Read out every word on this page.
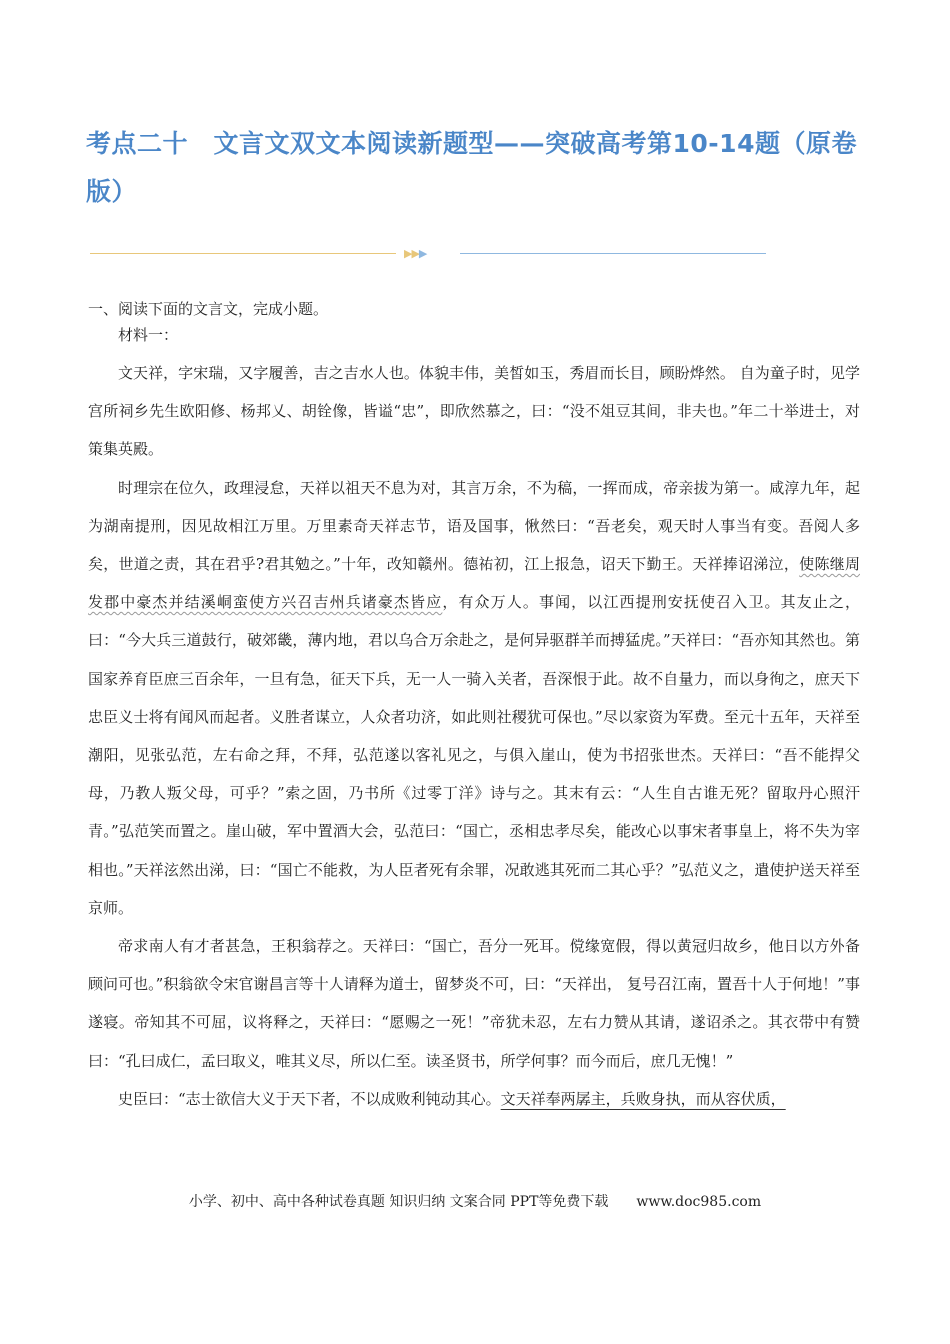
考点二十　文言文双文本阅读新题型——突破高考第10-14题（原卷版）
▶▶▶

一、阅读下面的文言文，完成小题。

材料一：

文天祥，字宋瑞，又字履善，吉之吉水人也。体貌丰伟，美皙如玉，秀眉而长目，顾盼烨然。 自为童子时，见学宫所祠乡先生欧阳修、杨邦乂、胡铨像，皆谥“忠”，即欣然慕之，曰：“没不俎豆其间，非夫也。”年二十举进士，对策集英殿。

时理宗在位久，政理浸怠，天祥以祖天不息为对，其言万余，不为稿，一挥而成，帝亲拔为第一。咸淳九年，起为湖南提刑，因见故相江万里。万里素奇天祥志节，语及国事，愀然曰：“吾老矣，观天时人事当有变。吾阅人多矣，世道之责，其在君乎?君其勉之。”十年，改知赣州。德祐初，江上报急，诏天下勤王。天祥捧诏涕泣，使陈继周发郡中豪杰并结溪峒蛮使方兴召吉州兵诸豪杰皆应，有众万人。事闻，以江西提刑安抚使召入卫。其友止之，曰：“今大兵三道鼓行，破郊畿，薄内地，君以乌合万余赴之，是何异驱群羊而搏猛虎。”天祥曰：“吾亦知其然也。第国家养育臣庶三百余年，一旦有急，征天下兵，无一人一骑入关者，吾深恨于此。故不自量力，而以身徇之，庶天下忠臣义士将有闻风而起者。义胜者谋立，人众者功济，如此则社稷犹可保也。”尽以家资为军费。至元十五年，天祥至潮阳，见张弘范，左右命之拜，不拜，弘范遂以客礼见之，与俱入崖山，使为书招张世杰。天祥曰：“吾不能捍父母，乃教人叛父母，可乎？”索之固，乃书所《过零丁洋》诗与之。其末有云：“人生自古谁无死？留取丹心照汗青。”弘范笑而置之。崖山破，军中置酒大会，弘范曰：“国亡，丞相忠孝尽矣，能改心以事宋者事皇上，将不失为宰相也。”天祥泫然出涕，曰：“国亡不能救，为人臣者死有余罪，况敢逃其死而二其心乎？”弘范义之，遣使护送天祥至京师。

帝求南人有才者甚急，王积翁荐之。天祥曰：“国亡，吾分一死耳。傥缘宽假，得以黄冠归故乡，他日以方外备顾问可也。”积翁欲令宋官谢昌言等十人请释为道士，留梦炎不可，曰：“天祥出， 复号召江南，置吾十人于何地！”事遂寝。帝知其不可屈，议将释之，天祥曰：“愿赐之一死！”帝犹未忍，左右力赞从其请，遂诏杀之。其衣带中有赞曰：“孔曰成仁，孟曰取义，唯其义尽，所以仁至。读圣贤书，所学何事？而今而后，庶几无愧！”

史臣曰：“志士欲信大义于天下者，不以成败利钝动其心。文天祥奉两孱主，兵败身执，而从容伏质，

小学、初中、高中各种试卷真题 知识归纳 文案合同 PPT等免费下载 www.doc985.com
